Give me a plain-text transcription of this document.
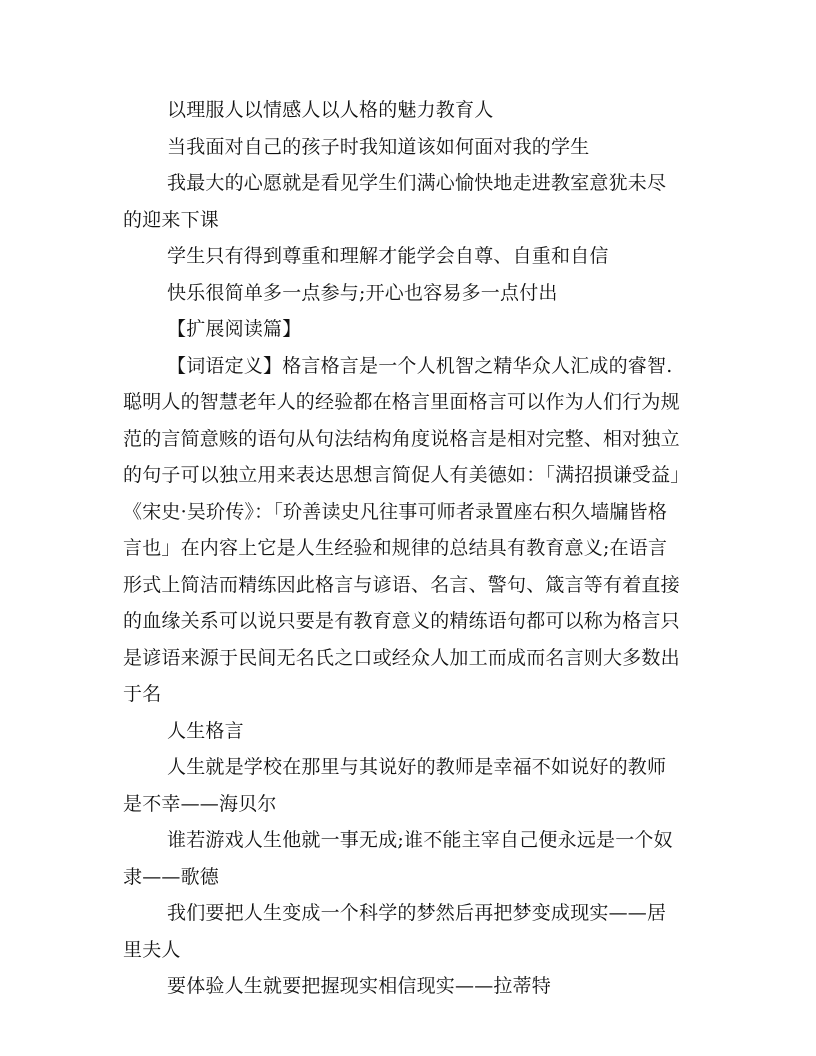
以理服人以情感人以人格的魅力教育人

当我面对自己的孩子时我知道该如何面对我的学生

我最大的心愿就是看见学生们满心愉快地走进教室意犹未尽的迎来下课

学生只有得到尊重和理解才能学会自尊、自重和自信

快乐很简单多一点参与;开心也容易多一点付出

【扩展阅读篇】

【词语定义】格言格言是一个人机智之精华众人汇成的睿智.聪明人的智慧老年人的经验都在格言里面格言可以作为人们行为规范的言简意赅的语句从句法结构角度说格言是相对完整、相对独立的句子可以独立用来表达思想言简促人有美德如：「满招损谦受益」《宋史·吴玠传》：「玠善读史凡往事可师者录置座右积久墙牖皆格言也」在内容上它是人生经验和规律的总结具有教育意义;在语言形式上简洁而精练因此格言与谚语、名言、警句、箴言等有着直接的血缘关系可以说只要是有教育意义的精练语句都可以称为格言只是谚语来源于民间无名氏之口或经众人加工而成而名言则大多数出于名

人生格言

人生就是学校在那里与其说好的教师是幸福不如说好的教师是不幸——海贝尔

谁若游戏人生他就一事无成;谁不能主宰自己便永远是一个奴隶——歌德

我们要把人生变成一个科学的梦然后再把梦变成现实——居里夫人

要体验人生就要把握现实相信现实——拉蒂特
